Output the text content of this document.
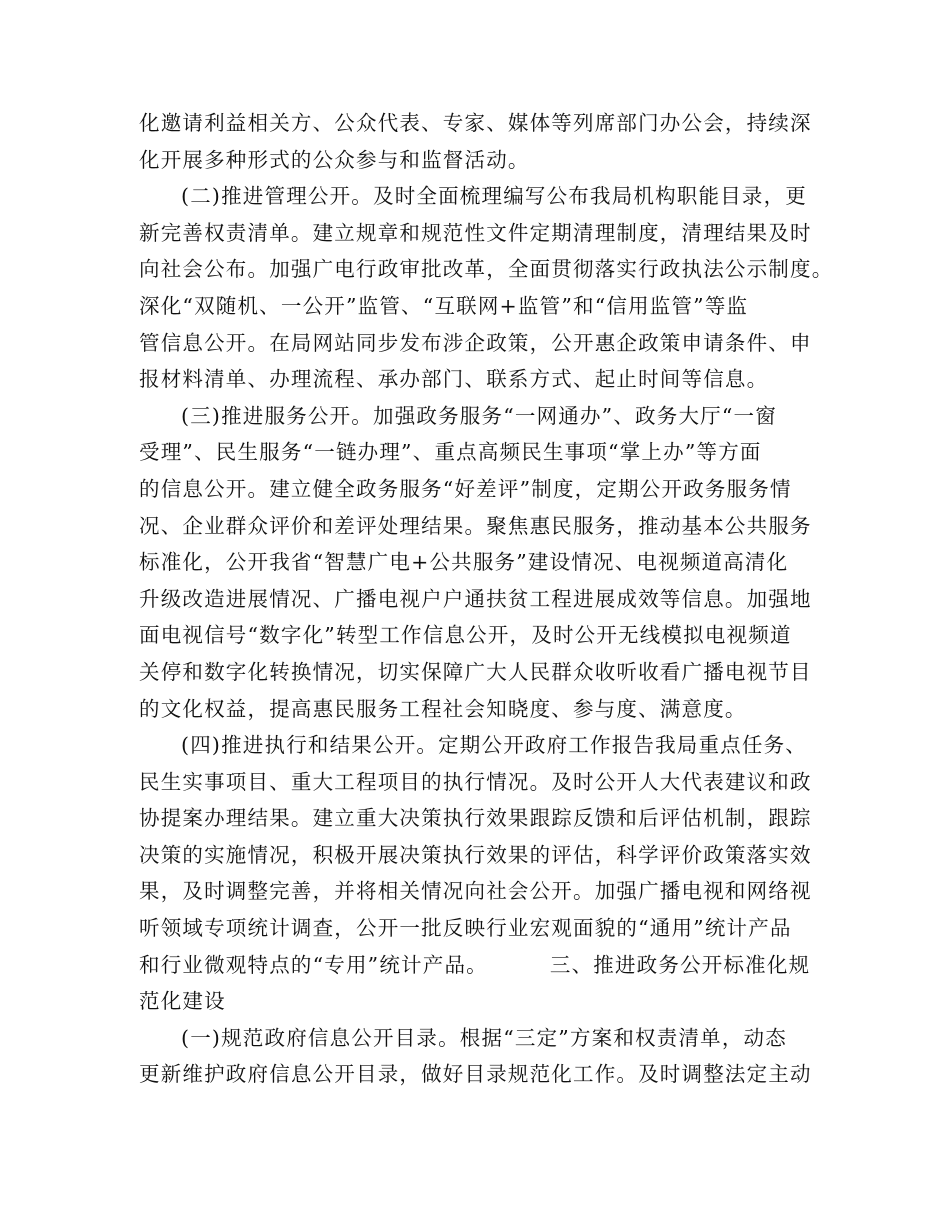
化邀请利益相关方、公众代表、专家、媒体等列席部门办公会，持续深
化开展多种形式的公众参与和监督活动。
(二)推进管理公开。及时全面梳理编写公布我局机构职能目录，更
新完善权责清单。建立规章和规范性文件定期清理制度，清理结果及时
向社会公布。加强广电行政审批改革，全面贯彻落实行政执法公示制度。
深化“双随机、一公开”监管、“互联网+监管”和“信用监管”等监
管信息公开。在局网站同步发布涉企政策，公开惠企政策申请条件、申
报材料清单、办理流程、承办部门、联系方式、起止时间等信息。
(三)推进服务公开。加强政务服务“一网通办”、政务大厅“一窗
受理”、民生服务“一链办理”、重点高频民生事项“掌上办”等方面
的信息公开。建立健全政务服务“好差评”制度，定期公开政务服务情
况、企业群众评价和差评处理结果。聚焦惠民服务，推动基本公共服务
标准化，公开我省“智慧广电+公共服务”建设情况、电视频道高清化
升级改造进展情况、广播电视户户通扶贫工程进展成效等信息。加强地
面电视信号“数字化”转型工作信息公开，及时公开无线模拟电视频道
关停和数字化转换情况，切实保障广大人民群众收听收看广播电视节目
的文化权益，提高惠民服务工程社会知晓度、参与度、满意度。
(四)推进执行和结果公开。定期公开政府工作报告我局重点任务、
民生实事项目、重大工程项目的执行情况。及时公开人大代表建议和政
协提案办理结果。建立重大决策执行效果跟踪反馈和后评估机制，跟踪
决策的实施情况，积极开展决策执行效果的评估，科学评价政策落实效
果，及时调整完善，并将相关情况向社会公开。加强广播电视和网络视
听领域专项统计调查，公开一批反映行业宏观面貌的“通用”统计产品
和行业微观特点的“专用”统计产品。	三、推进政务公开标准化规
范化建设
(一)规范政府信息公开目录。根据“三定”方案和权责清单，动态
更新维护政府信息公开目录，做好目录规范化工作。及时调整法定主动
